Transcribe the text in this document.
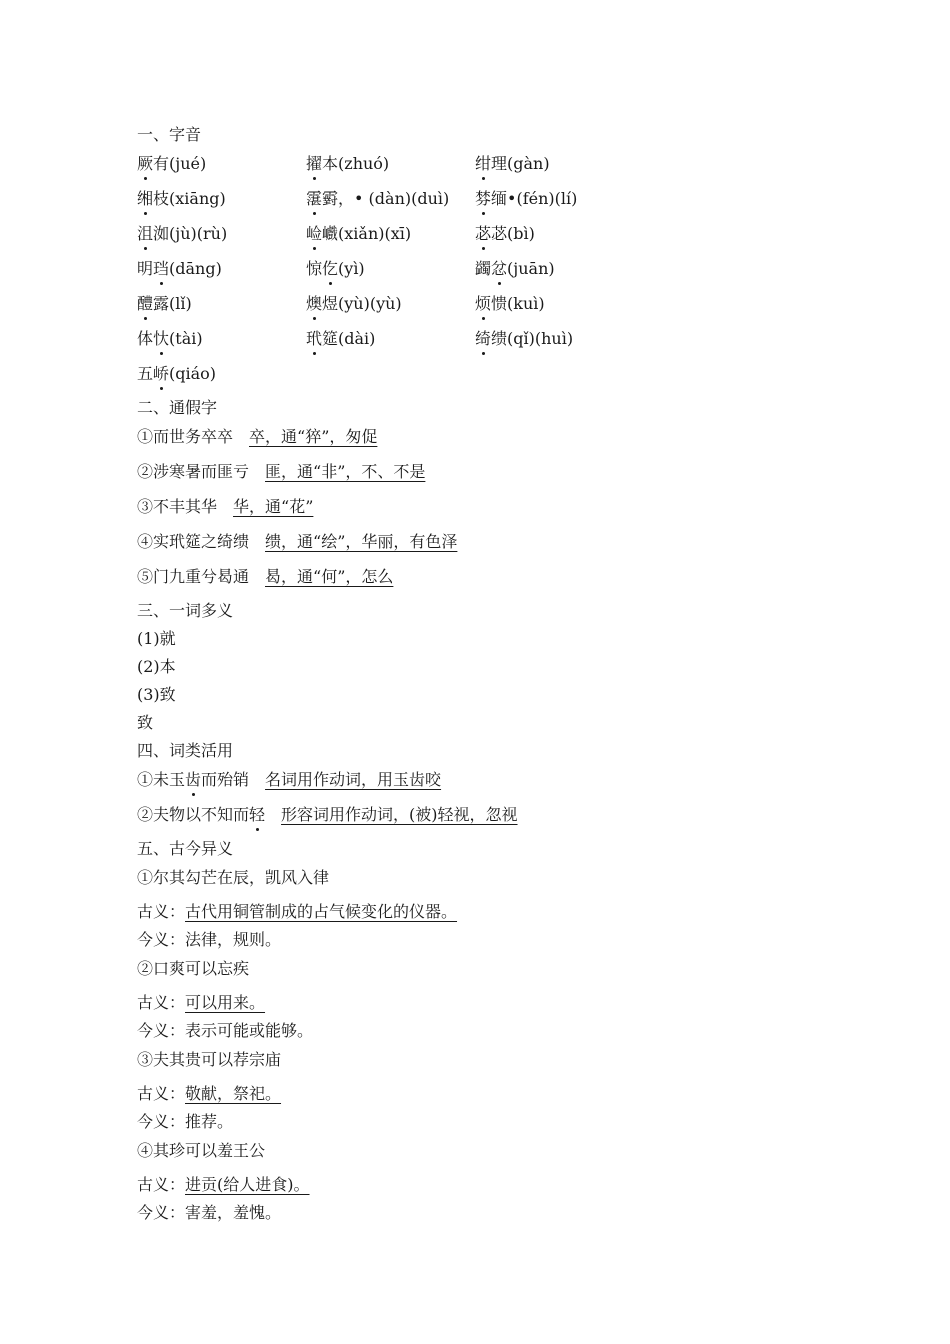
一、字音
厥有(jué)	擢本(zhuó)	绀理(gàn)
缃枝(xiāng)	霮䨴，• (dàn)(duì) 棼缅•(fén)(lí)
沮洳(jù)(rù)	崄巇(xiǎn)(xī)	苾苾(bì)
明珰(dāng)	惊仡(yì)	蠲忿(juān)
醴露(lǐ)	燠煜(yù)(yù)	烦愦(kuì)
体忕(tài)	玳筵(dài)	绮缋(qǐ)(huì)
五峤(qiáo)
二、通假字
①而世务卒卒 卒，通“猝”，匆促
②涉寒暑而匪亏 匪，通“非”，不、不是
③不丰其华 华，通“花”
④实玳筵之绮缋 缋，通“绘”，华丽，有色泽
⑤门九重兮曷通 曷，通“何”，怎么
三、一词多义
(1)就
(2)本
(3)致
致
四、词类活用
①未玉齿而殆销 名词用作动词，用玉齿咬
②夫物以不知而轻 形容词用作动词，(被)轻视，忽视
五、古今异义
①尔其勾芒在辰，凯风入律
古义：古代用铜管制成的占气候变化的仪器。
今义：法律，规则。
②口爽可以忘疾
古义：可以用来。
今义：表示可能或能够。
③夫其贵可以荐宗庙
古义：敬献，祭祀。
今义：推荐。
④其珍可以羞王公
古义：进贡(给人进食)。
今义：害羞，羞愧。
